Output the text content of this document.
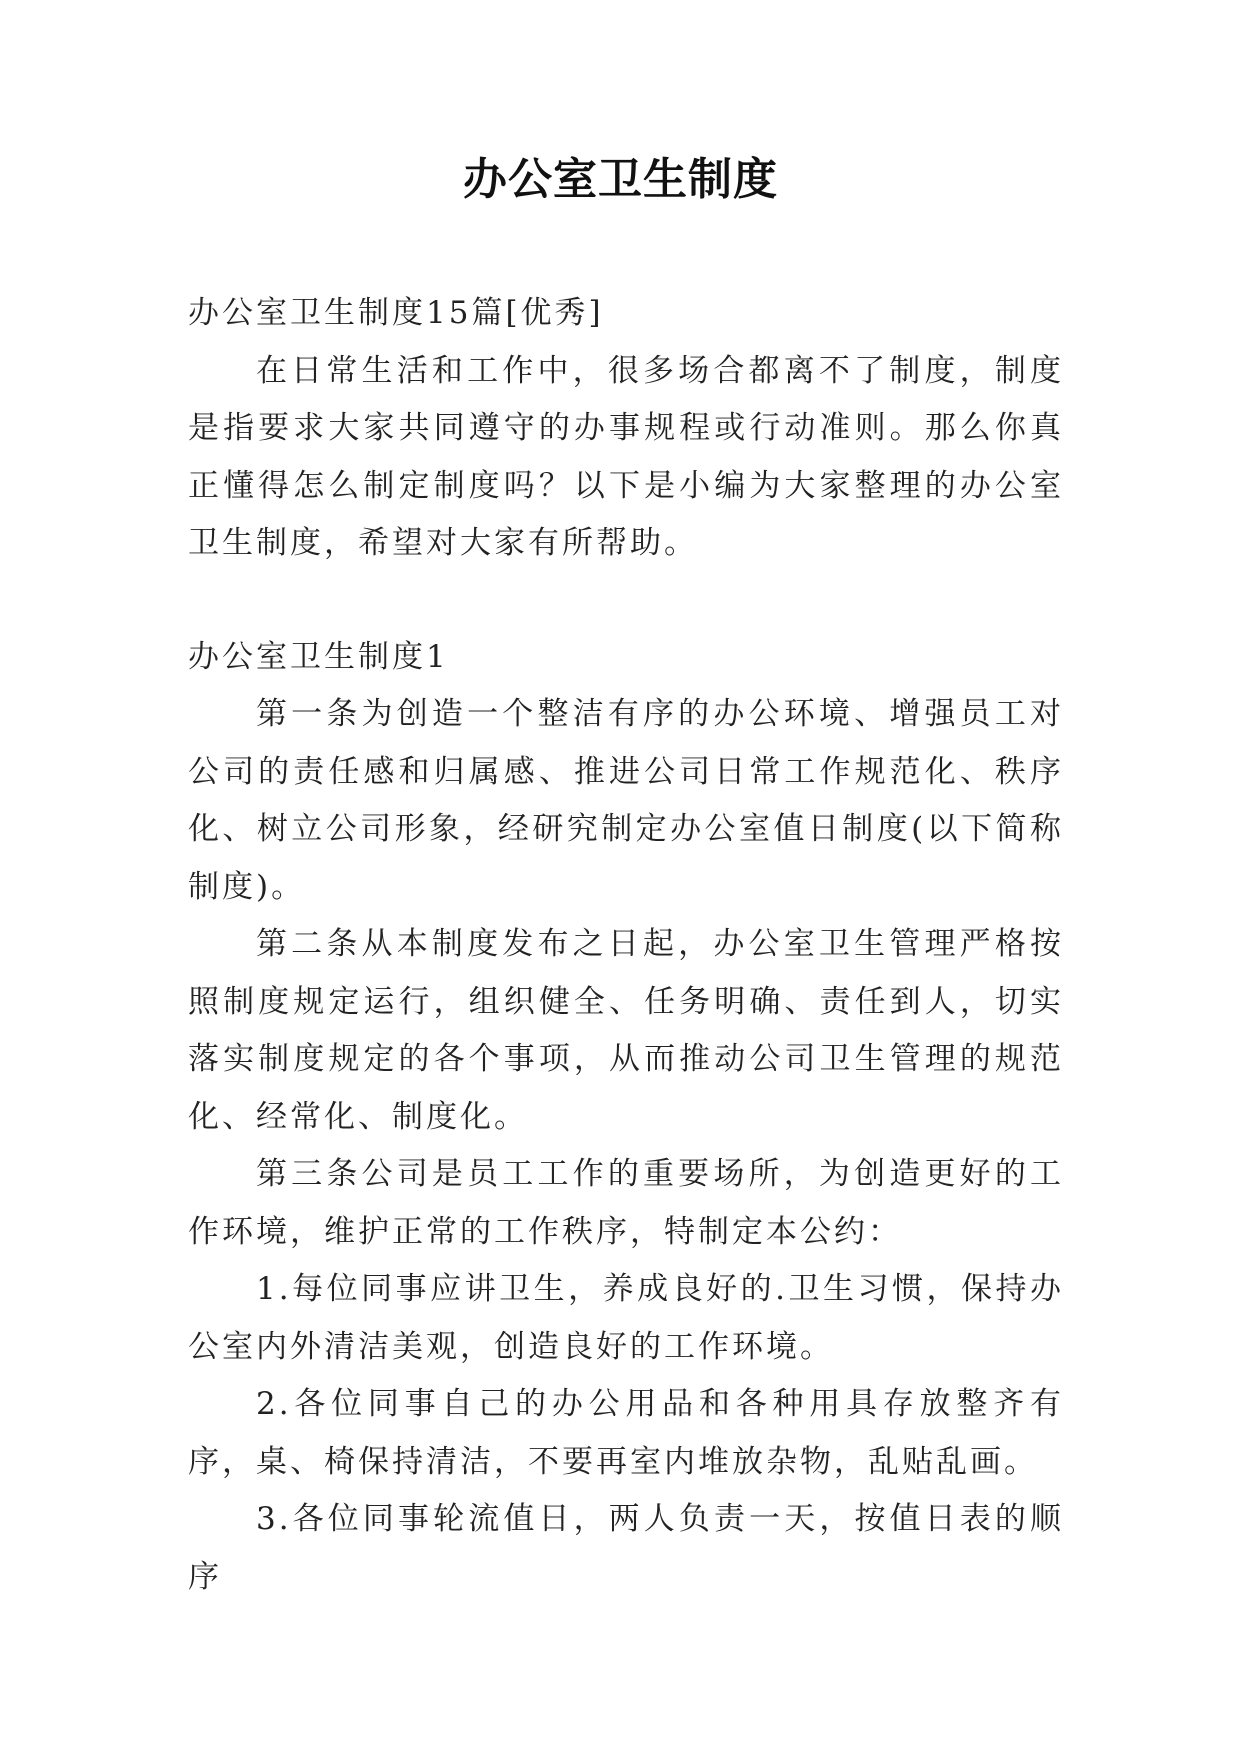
办公室卫生制度

办公室卫生制度15篇[优秀]

在日常生活和工作中，很多场合都离不了制度，制度是指要求大家共同遵守的办事规程或行动准则。那么你真正懂得怎么制定制度吗？以下是小编为大家整理的办公室卫生制度，希望对大家有所帮助。

办公室卫生制度1

第一条为创造一个整洁有序的办公环境、增强员工对公司的责任感和归属感、推进公司日常工作规范化、秩序化、树立公司形象，经研究制定办公室值日制度(以下简称制度)。

第二条从本制度发布之日起，办公室卫生管理严格按照制度规定运行，组织健全、任务明确、责任到人，切实落实制度规定的各个事项，从而推动公司卫生管理的规范化、经常化、制度化。

第三条公司是员工工作的重要场所，为创造更好的工作环境，维护正常的工作秩序，特制定本公约：

1.每位同事应讲卫生，养成良好的.卫生习惯，保持办公室内外清洁美观，创造良好的工作环境。

2.各位同事自己的办公用品和各种用具存放整齐有序，桌、椅保持清洁，不要再室内堆放杂物，乱贴乱画。

3.各位同事轮流值日，两人负责一天，按值日表的顺序
